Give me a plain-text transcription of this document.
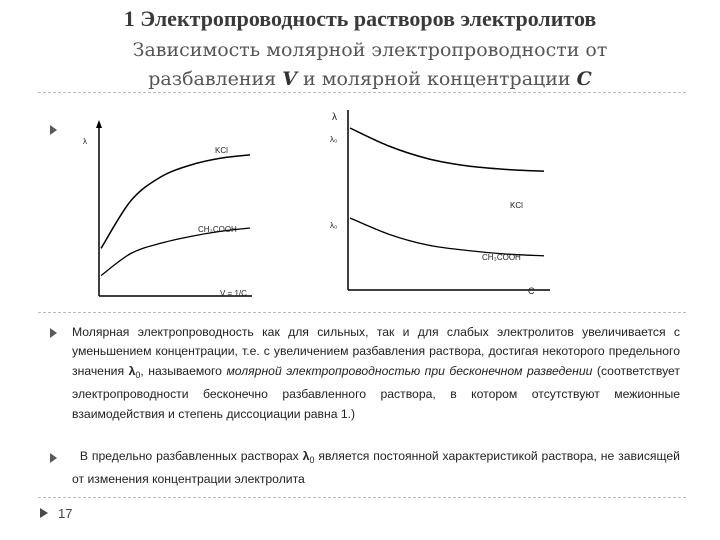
1 Электропроводность растворов электролитов
Зависимость молярной электропроводности от
разбавления V и молярной концентрации C
λ
KCl
CH₃COOH
V = 1/C
λ
λ₀
λ₀
KCl
CH₃COOH
C
Молярная электропроводность как для сильных, так и для слабых электролитов увеличивается с уменьшением концентрации, т.е. с увеличением разбавления раствора, достигая некоторого предельного значения $\lambda_0$, называемого молярной электропроводностью при бесконечном разведении (соответствует электропроводности бесконечно разбавленного раствора, в котором отсутствуют межионные взаимодействия и степень диссоциации равна 1.)
В предельно разбавленных растворах $\lambda_0$ является постоянной характеристикой раствора, не зависящей от изменения концентрации электролита
17
